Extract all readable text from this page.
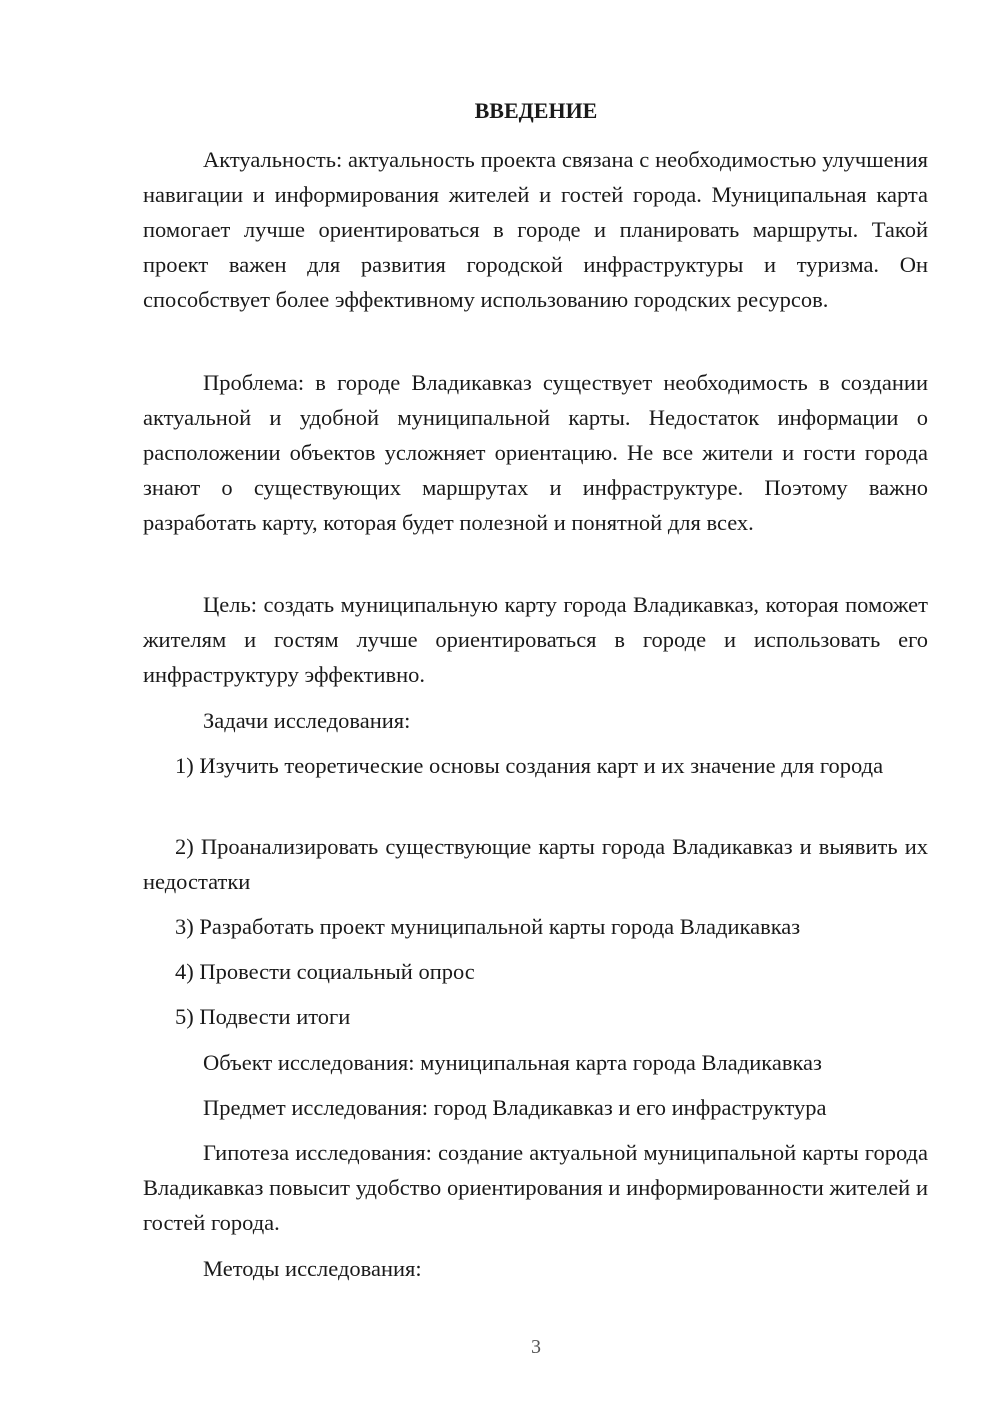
ВВЕДЕНИЕ
Актуальность: актуальность проекта связана с необходимостью улучшения навигации и информирования жителей и гостей города. Муниципальная карта помогает лучше ориентироваться в городе и планировать маршруты. Такой проект важен для развития городской инфраструктуры и туризма. Он способствует более эффективному использованию городских ресурсов.
Проблема: в городе Владикавказ существует необходимость в создании актуальной и удобной муниципальной карты. Недостаток информации о расположении объектов усложняет ориентацию. Не все жители и гости города знают о существующих маршрутах и инфраструктуре. Поэтому важно разработать карту, которая будет полезной и понятной для всех.
Цель: создать муниципальную карту города Владикавказ, которая поможет жителям и гостям лучше ориентироваться в городе и использовать его инфраструктуру эффективно.
Задачи исследования:
1) Изучить теоретические основы создания карт и их значение для города
2) Проанализировать существующие карты города Владикавказ и выявить их недостатки
3) Разработать проект муниципальной карты города Владикавказ
4) Провести социальный опрос
5) Подвести итоги
Объект исследования: муниципальная карта города Владикавказ
Предмет исследования: город Владикавказ и его инфраструктура
Гипотеза исследования: создание актуальной муниципальной карты города Владикавказ повысит удобство ориентирования и информированности жителей и гостей города.
Методы исследования:
3
